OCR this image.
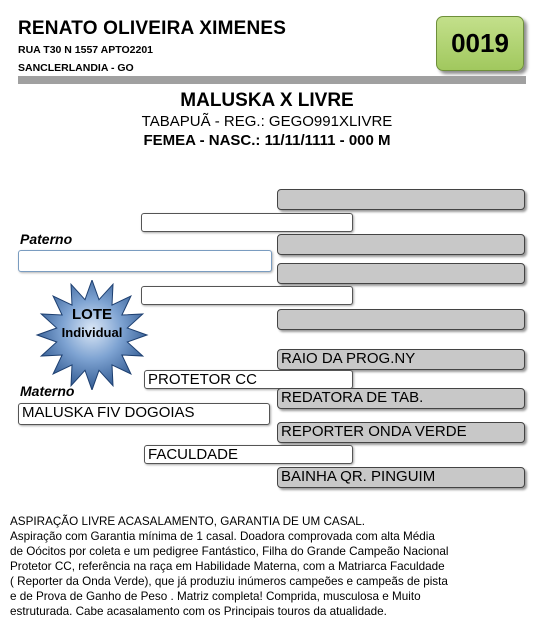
RENATO OLIVEIRA XIMENES
RUA T30 N 1557 APTO2201
SANCLERLANDIA - GO
0019
MALUSKA X LIVRE
TABAPUÃ - REG.: GEGO991XLIVRE
FEMEA - NASC.: 11/11/1111 - 000 M
Paterno
LOTE
Individual
RAIO DA PROG.NY
PROTETOR CC
Materno	REDATORA DE TAB.
MALUSKA FIV DOGOIAS
REPORTER ONDA VERDE
FACULDADE
BAINHA QR. PINGUIM

ASPIRAÇÃO LIVRE ACASALAMENTO, GARANTIA DE UM CASAL.

Aspiração com Garantia mínima de 1 casal. Doadora comprovada com alta Média

de Oócitos por coleta e um pedigree Fantástico, Filha do Grande Campeão Nacional

Protetor CC, referência na raça em Habilidade Materna, com a Matriarca Faculdade

( Reporter da Onda Verde), que já produziu inúmeros campeões e campeãs de pista

e de Prova de Ganho de Peso . Matriz completa! Comprida, musculosa e Muito

estruturada. Cabe acasalamento com os Principais touros da atualidade.
